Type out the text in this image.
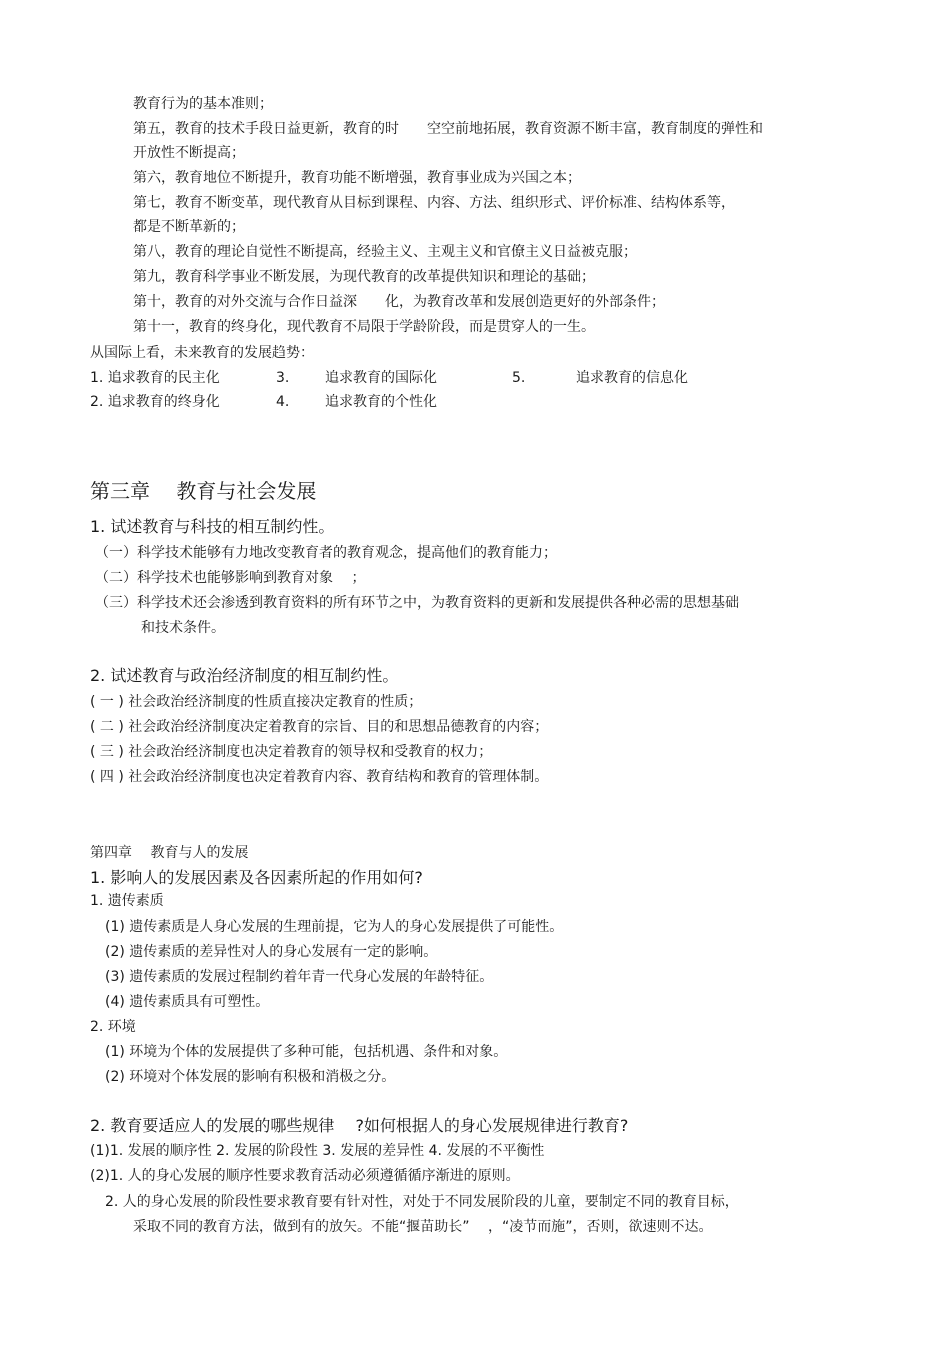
教育行为的基本准则；
第五，教育的技术手段日益更新，教育的时　　空空前地拓展，教育资源不断丰富，教育制度的弹性和
开放性不断提高；
第六，教育地位不断提升，教育功能不断增强，教育事业成为兴国之本；
第七，教育不断变革，现代教育从目标到课程、内容、方法、组织形式、评价标准、结构体系等，
都是不断革新的；
第八，教育的理论自觉性不断提高，经验主义、主观主义和官僚主义日益被克服；
第九，教育科学事业不断发展，为现代教育的改革提供知识和理论的基础；
第十，教育的对外交流与合作日益深　　化，为教育改革和发展创造更好的外部条件；
第十一，教育的终身化，现代教育不局限于学龄阶段，而是贯穿人的一生。
从国际上看，未来教育的发展趋势：
1. 追求教育的民主化	3.	追求教育的国际化	5.	追求教育的信息化
2. 追求教育的终身化	4.	追求教育的个性化
第三章　 教育与社会发展
1. 试述教育与科技的相互制约性。
（一）科学技术能够有力地改变教育者的教育观念，提高他们的教育能力；
（二）科学技术也能够影响到教育对象　 ；
（三）科学技术还会渗透到教育资料的所有环节之中，为教育资料的更新和发展提供各种必需的思想基础
和技术条件。
2. 试述教育与政治经济制度的相互制约性。
( 一 ) 社会政治经济制度的性质直接决定教育的性质；
( 二 ) 社会政治经济制度决定着教育的宗旨、目的和思想品德教育的内容；
( 三 ) 社会政治经济制度也决定着教育的领导权和受教育的权力；
( 四 ) 社会政治经济制度也决定着教育内容、教育结构和教育的管理体制。
第四章　 教育与人的发展
1. 影响人的发展因素及各因素所起的作用如何?
1. 遗传素质
(1) 遗传素质是人身心发展的生理前提，它为人的身心发展提供了可能性。
(2) 遗传素质的差异性对人的身心发展有一定的影响。
(3) 遗传素质的发展过程制约着年青一代身心发展的年龄特征。
(4) 遗传素质具有可塑性。
2. 环境
(1) 环境为个体的发展提供了多种可能，包括机遇、条件和对象。
(2) 环境对个体发展的影响有积极和消极之分。
2. 教育要适应人的发展的哪些规律　 ?如何根据人的身心发展规律进行教育?
(1)1. 发展的顺序性 2. 发展的阶段性 3. 发展的差异性 4. 发展的不平衡性
(2)1. 人的身心发展的顺序性要求教育活动必须遵循循序渐进的原则。
2. 人的身心发展的阶段性要求教育要有针对性，对处于不同发展阶段的儿童，要制定不同的教育目标，
采取不同的教育方法，做到有的放矢。不能“揠苗助长”　 ，“凌节而施”，否则，欲速则不达。
